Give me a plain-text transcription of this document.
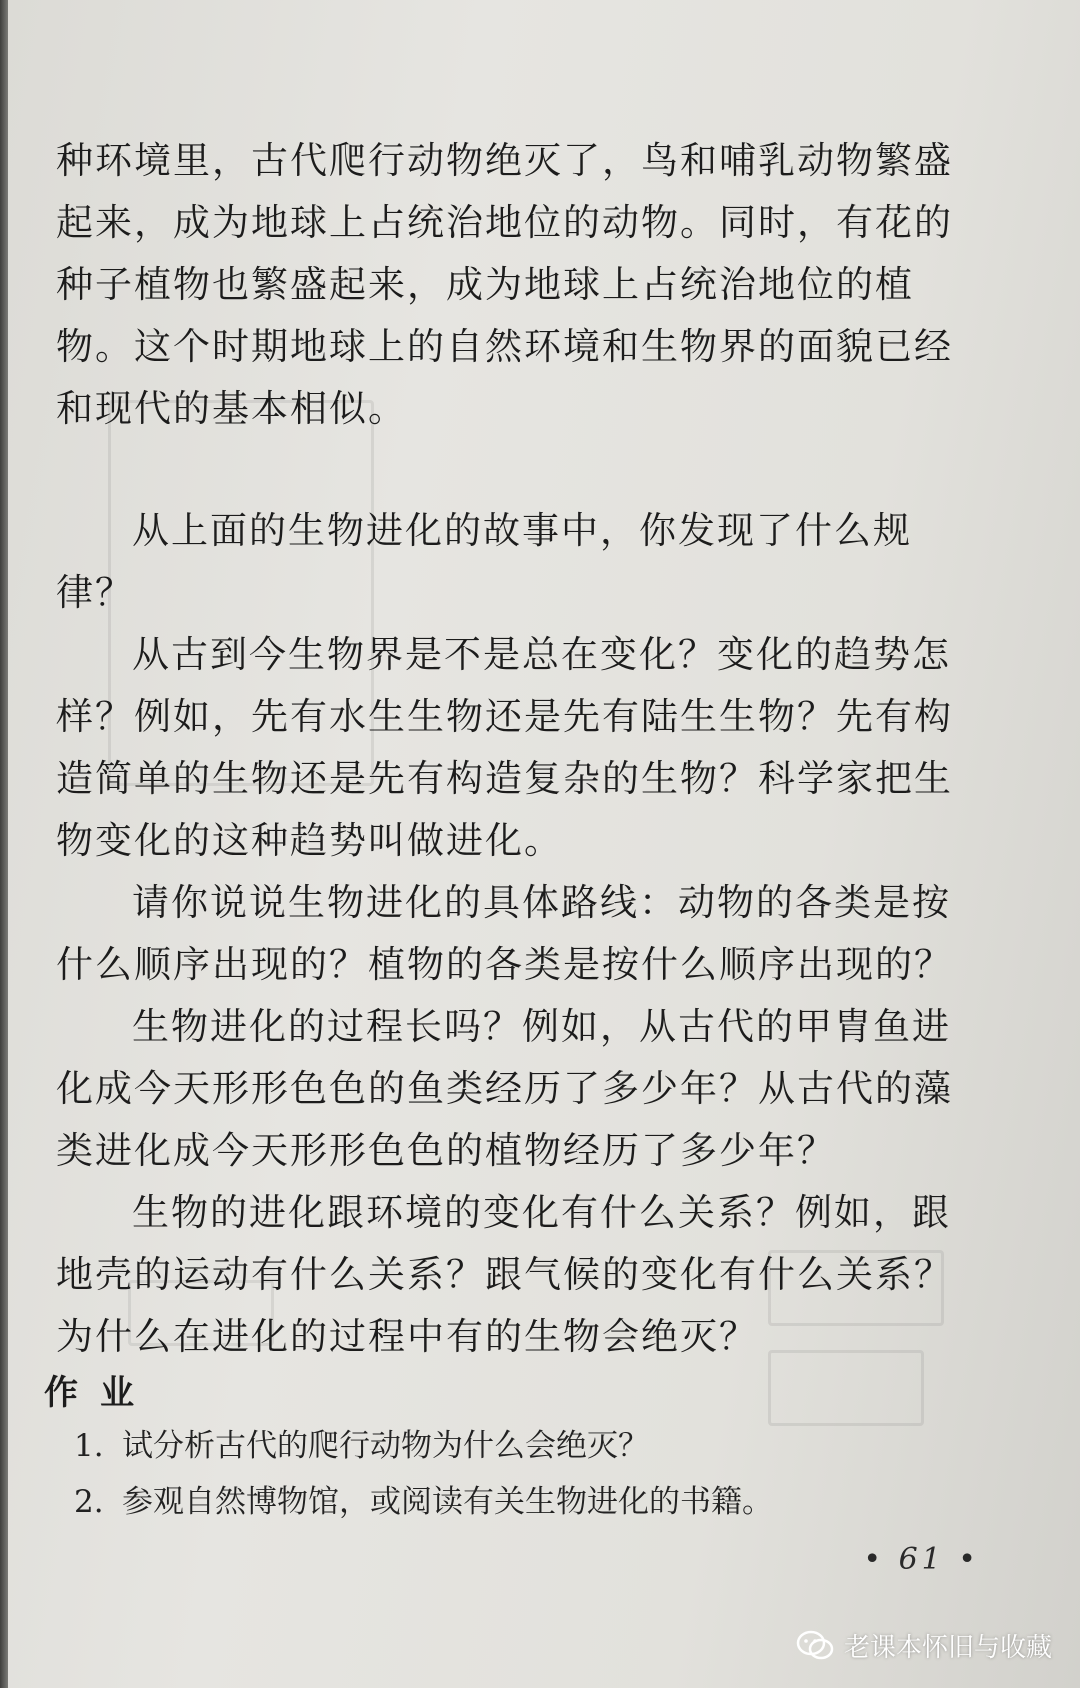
种环境里，古代爬行动物绝灭了，鸟和哺乳动物繁盛起来，成为地球上占统治地位的动物。同时，有花的种子植物也繁盛起来，成为地球上占统治地位的植物。这个时期地球上的自然环境和生物界的面貌已经和现代的基本相似。

从上面的生物进化的故事中，你发现了什么规律？

从古到今生物界是不是总在变化？变化的趋势怎样？例如，先有水生生物还是先有陆生生物？先有构造简单的生物还是先有构造复杂的生物？科学家把生物变化的这种趋势叫做进化。

请你说说生物进化的具体路线：动物的各类是按什么顺序出现的？植物的各类是按什么顺序出现的？

生物进化的过程长吗？例如，从古代的甲胄鱼进化成今天形形色色的鱼类经历了多少年？从古代的藻类进化成今天形形色色的植物经历了多少年？

生物的进化跟环境的变化有什么关系？例如，跟地壳的运动有什么关系？跟气候的变化有什么关系？为什么在进化的过程中有的生物会绝灭？

作业
1. 试分析古代的爬行动物为什么会绝灭？
2. 参观自然博物馆，或阅读有关生物进化的书籍。
• 61 •
老课本怀旧与收藏
